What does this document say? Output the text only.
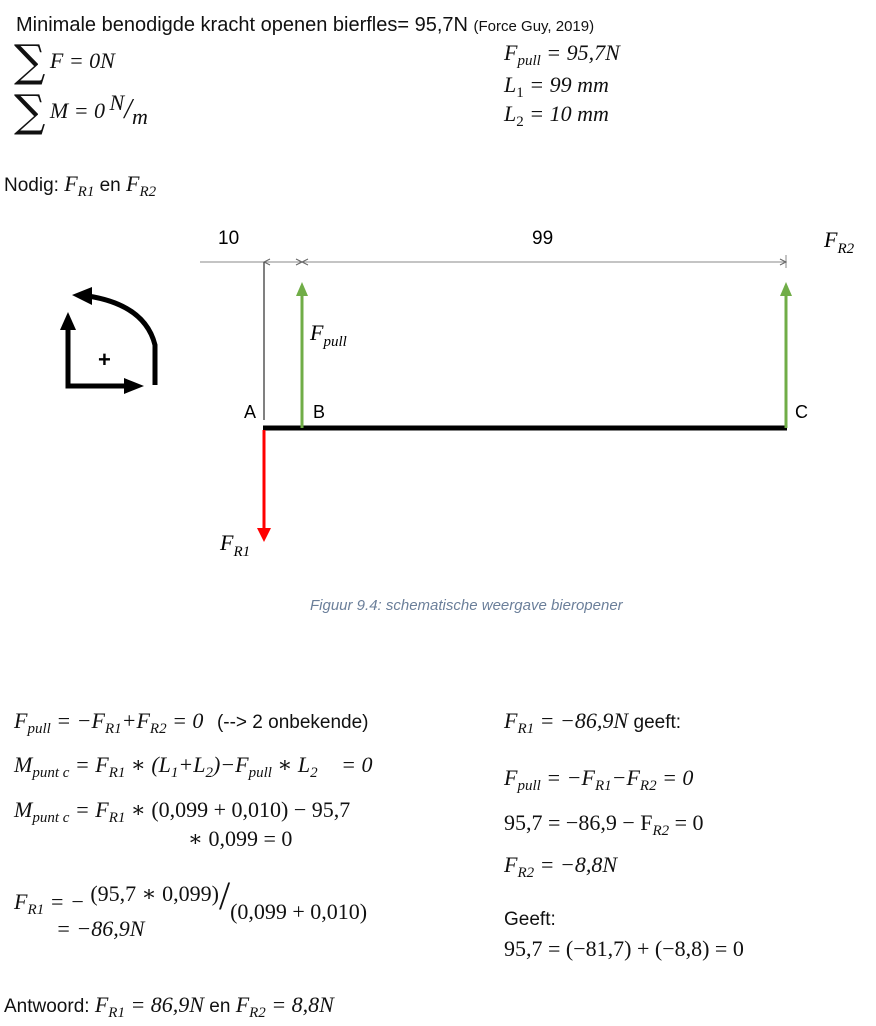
Minimale benodigde kracht openen bierfles= 95,7N (Force Guy, 2019)
∑ F = 0N
∑ M = 0 N/m
$F_{pull} = 95,7N$
$L_1 = 99$ mm
$L_2 = 10$ mm
Nodig: $F_{R1}$ en $F_{R2}$
10	99	$F_{R2}$
$F_{pull}$
$F_{R1}$
A	B	C
+
Figuur 9.4: schematische weergave bieropener
$F_{pull} = -F_{R1}+F_{R2} = 0$ (--> 2 onbekende)
$M_{punt c} = F_{R1}$ ∗ $(L_1+L_2)-F_{pull}$ ∗ $L_2 = 0$
$M_{punt c} = F_{R1}$ ∗ (0,099 + 0,010) − 95,7
∗ 0,099 = 0
$F_{R1}$ = − (95,7 ∗ 0,099)/(0,099 + 0,010)
= −86,9N
$F_{R1} = -86,9N$ geeft:
$F_{pull} = -F_{R1}-F_{R2} = 0$
$95,7 = -86,9 - F_{R2} = 0$
$F_{R2} = -8,8N$
Geeft:
95,7 = (−81,7) + (−8,8) = 0
Antwoord: $F_{R1} = 86,9N$ en $F_{R2} = 8,8N$
